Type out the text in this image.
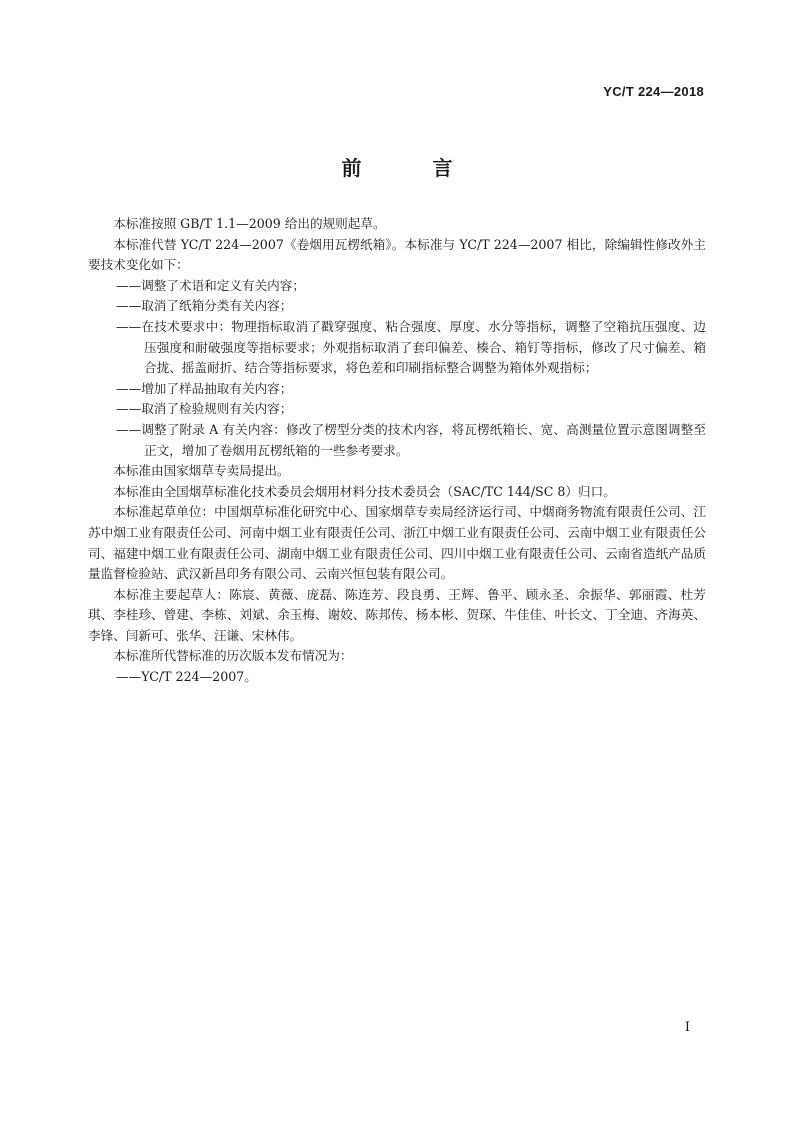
YC/T 224—2018
前 言

本标准按照 GB/T 1.1—2009 给出的规则起草。

本标准代替 YC/T 224—2007《卷烟用瓦楞纸箱》。本标准与 YC/T 224—2007 相比，除编辑性修改外主要技术变化如下：

——调整了术语和定义有关内容；

——取消了纸箱分类有关内容；

——在技术要求中：物理指标取消了戳穿强度、粘合强度、厚度、水分等指标，调整了空箱抗压强度、边压强度和耐破强度等指标要求；外观指标取消了套印偏差、楱合、箱钉等指标，修改了尺寸偏差、箱合拢、摇盖耐折、结合等指标要求，将色差和印刷指标整合调整为箱体外观指标；

——增加了样品抽取有关内容；

——取消了检验规则有关内容；

——调整了附录 A 有关内容：修改了楞型分类的技术内容，将瓦楞纸箱长、宽、高测量位置示意图调整至正文，增加了卷烟用瓦楞纸箱的一些参考要求。

本标准由国家烟草专卖局提出。

本标准由全国烟草标准化技术委员会烟用材料分技术委员会（SAC/TC 144/SC 8）归口。

本标准起草单位：中国烟草标准化研究中心、国家烟草专卖局经济运行司、中烟商务物流有限责任公司、江苏中烟工业有限责任公司、河南中烟工业有限责任公司、浙江中烟工业有限责任公司、云南中烟工业有限责任公司、福建中烟工业有限责任公司、湖南中烟工业有限责任公司、四川中烟工业有限责任公司、云南省造纸产品质量监督检验站、武汉新昌印务有限公司、云南兴恒包装有限公司。

本标准主要起草人：陈宸、黄薇、庞磊、陈连芳、段良勇、王辉、鲁平、顾永圣、余振华、郭丽霞、杜芳琪、李桂珍、曾建、李栋、刘斌、余玉梅、谢姣、陈邦传、杨本彬、贺琛、牛佳佳、叶长文、丁全迪、齐海英、李锋、闫新可、张华、汪谦、宋林伟。

本标准所代替标准的历次版本发布情况为：

——YC/T 224—2007。

I
